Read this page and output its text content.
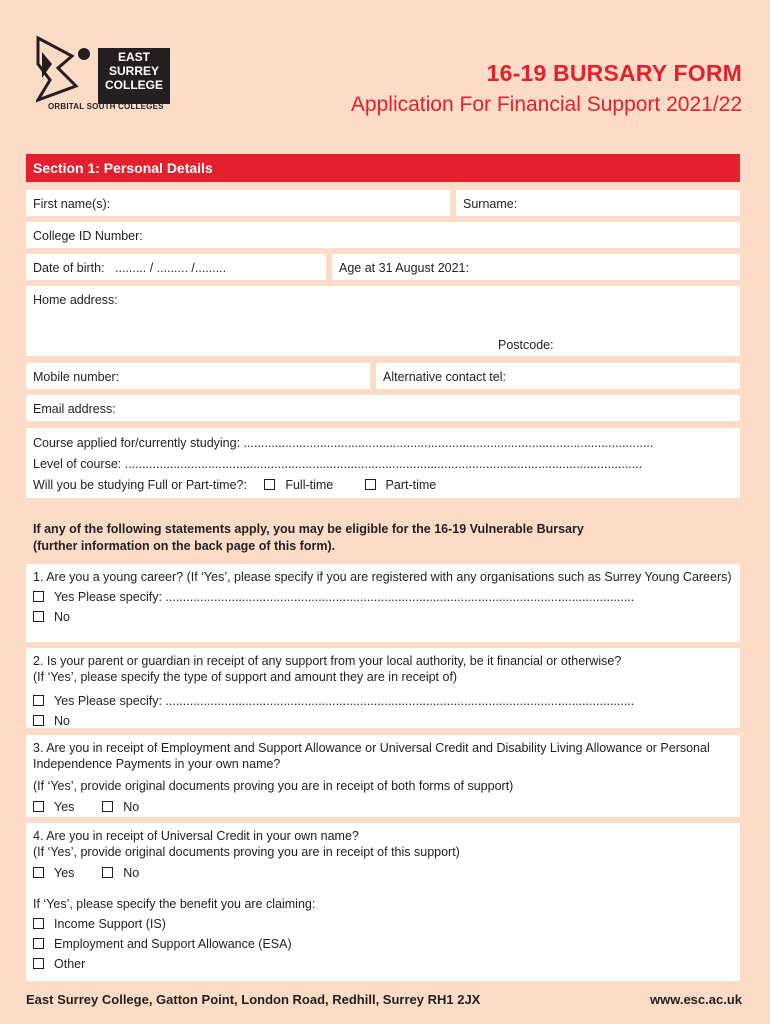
EAST
SURREY
COLLEGE
ORBITAL SOUTH COLLEGES
16-19 BURSARY FORM
Application For Financial Support 2021/22
Section 1: Personal Details
First name(s):	Surname:
College ID Number:
Date of birth: ......... / ......... /.........	Age at 31 August 2021:
Home address:
Postcode:
Mobile number:	Alternative contact tel:
Email address:
Course applied for/currently studying: ......................................................................................................................
Level of course: .....................................................................................................................................................
Will you be studying Full or Part-time?:	Full-time	Part-time
If any of the following statements apply, you may be eligible for the 16-19 Vulnerable Bursary
(further information on the back page of this form).
1. Are you a young career? (If ‘Yes’, please specify if you are registered with any organisations such as Surrey Young Careers)
Yes Please specify: .......................................................................................................................................
No
2. Is your parent or guardian in receipt of any support from your local authority, be it financial or otherwise?
(If ‘Yes’, please specify the type of support and amount they are in receipt of)
Yes Please specify: .......................................................................................................................................
No
3. Are you in receipt of Employment and Support Allowance or Universal Credit and Disability Living Allowance or Personal Independence Payments in your own name?
(If ‘Yes’, provide original documents proving you are in receipt of both forms of support)
Yes	No
4. Are you in receipt of Universal Credit in your own name?
(If ‘Yes’, provide original documents proving you are in receipt of this support)
Yes	No
If ‘Yes’, please specify the benefit you are claiming:
Income Support (IS)
Employment and Support Allowance (ESA)
Other
East Surrey College, Gatton Point, London Road, Redhill, Surrey RH1 2JX	www.esc.ac.uk
